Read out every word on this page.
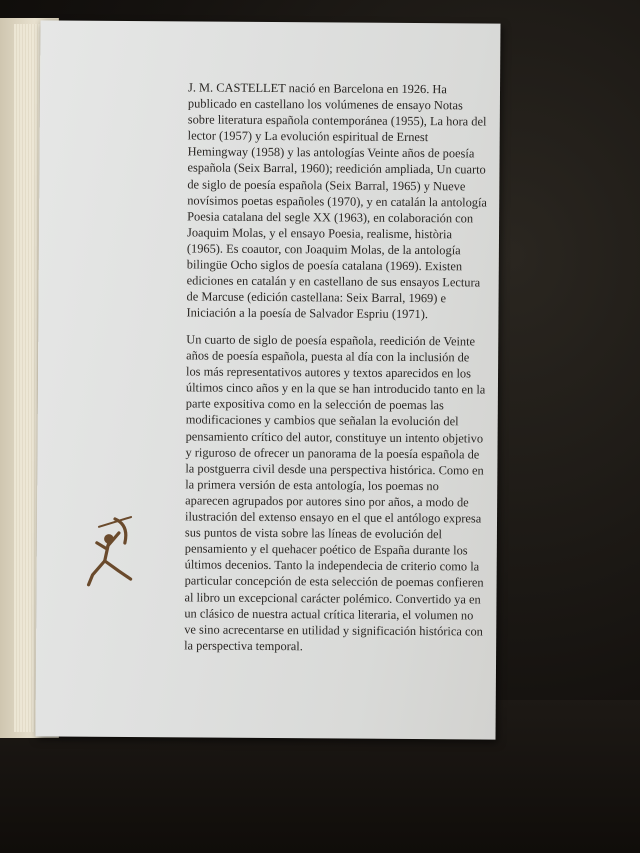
J. M. CASTELLET nació en Barcelona en 1926. Ha publicado en castellano los volúmenes de ensayo Notas sobre literatura española contemporánea (1955), La hora del lector (1957) y La evolución espiritual de Ernest Hemingway (1958) y las antologías Veinte años de poesía española (Seix Barral, 1960); reedición ampliada, Un cuarto de siglo de poesía española (Seix Barral, 1965) y Nueve novísimos poetas españoles (1970), y en catalán la antología Poesia catalana del segle XX (1963), en colaboración con Joaquim Molas, y el ensayo Poesia, realisme, història (1965). Es coautor, con Joaquim Molas, de la antología bilingüe Ocho siglos de poesía catalana (1969). Existen ediciones en catalán y en castellano de sus ensayos Lectura de Marcuse (edición castellana: Seix Barral, 1969) e Iniciación a la poesía de Salvador Espriu (1971).

Un cuarto de siglo de poesía española, reedición de Veinte años de poesía española, puesta al día con la inclusión de los más representativos autores y textos aparecidos en los últimos cinco años y en la que se han introducido tanto en la parte expositiva como en la selección de poemas las modificaciones y cambios que señalan la evolución del pensamiento crítico del autor, constituye un intento objetivo y riguroso de ofrecer un panorama de la poesía española de la postguerra civil desde una perspectiva histórica. Como en la primera versión de esta antología, los poemas no aparecen agrupados por autores sino por años, a modo de ilustración del extenso ensayo en el que el antólogo expresa sus puntos de vista sobre las líneas de evolución del pensamiento y el quehacer poético de España durante los últimos decenios. Tanto la independecia de criterio como la particular concepción de esta selección de poemas confieren al libro un excepcional carácter polémico. Convertido ya en un clásico de nuestra actual crítica literaria, el volumen no ve sino acrecentarse en utilidad y significación histórica con la perspectiva temporal.
